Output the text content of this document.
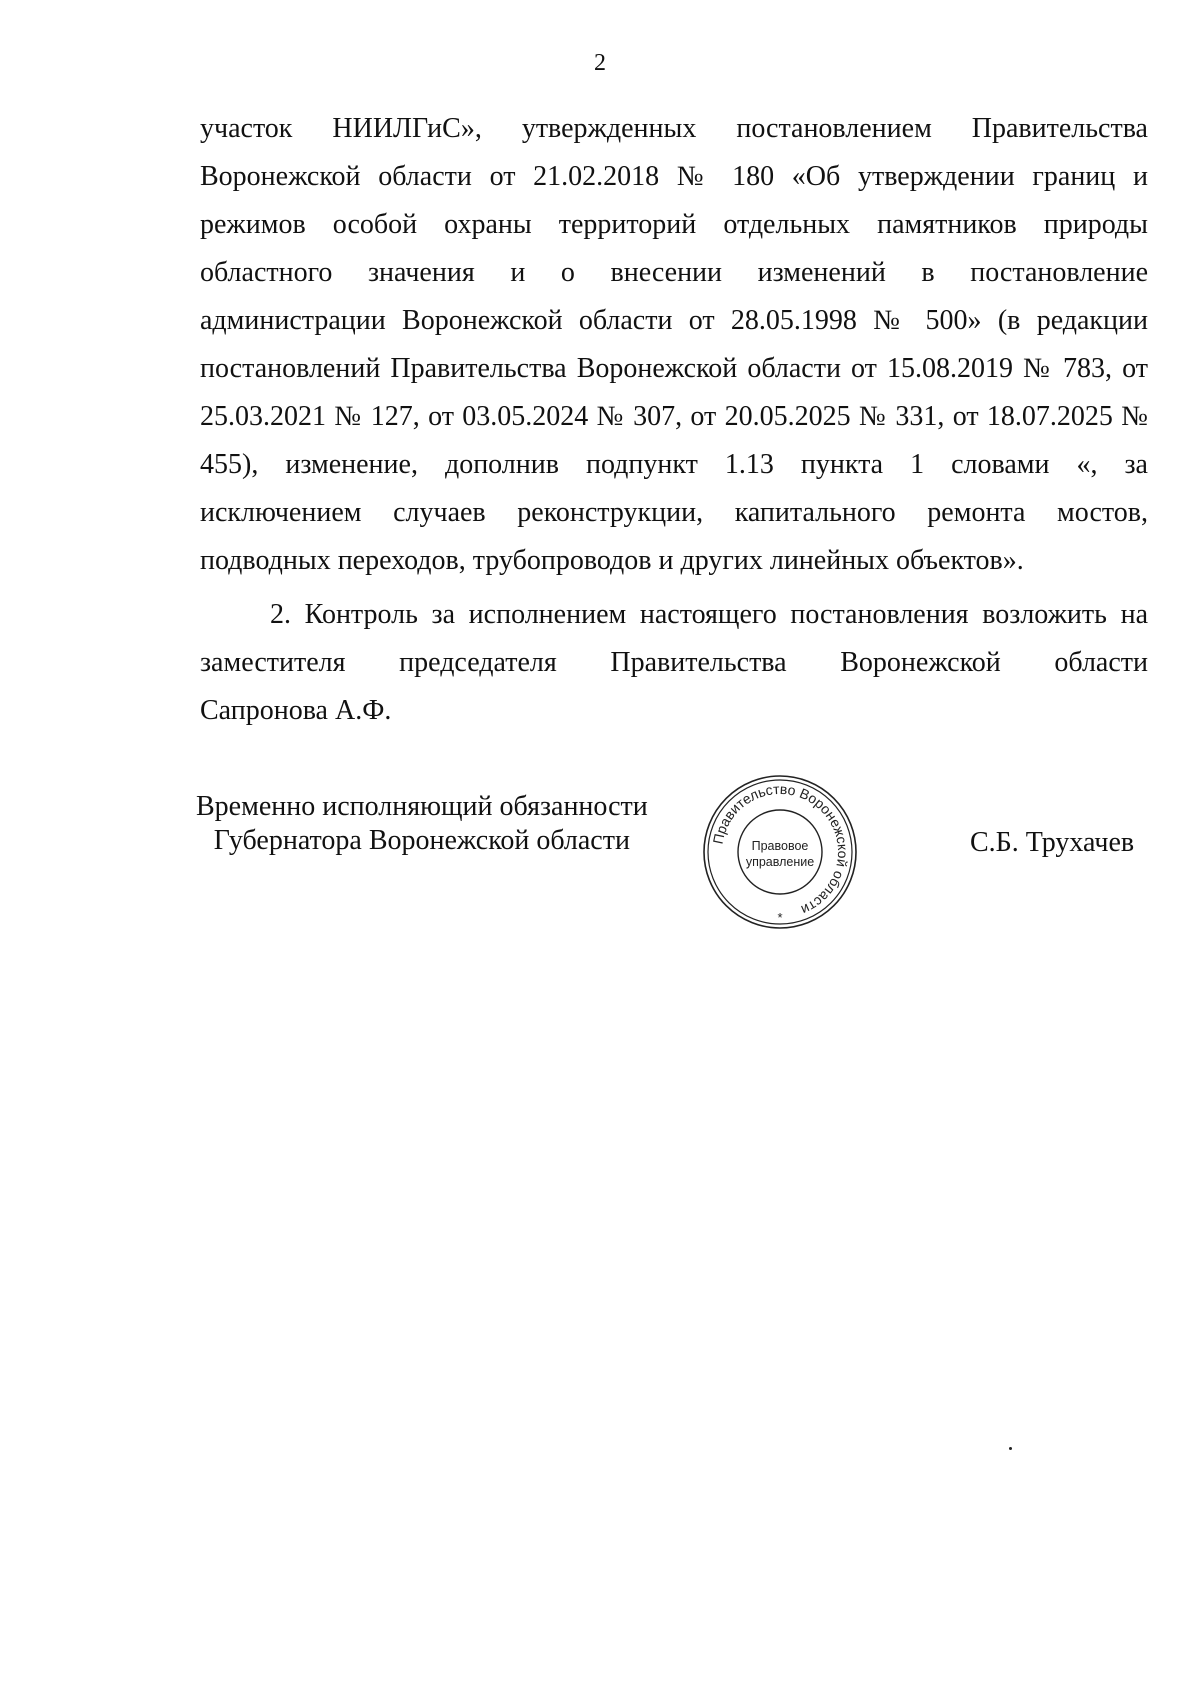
2
участок НИИЛГиС», утвержденных постановлением Правительства
Воронежской области от 21.02.2018 № 180 «Об утверждении границ и
режимов особой охраны территорий отдельных памятников природы
областного значения и о внесении изменений в постановление
администрации Воронежской области от 28.05.1998 № 500» (в редакции
постановлений Правительства Воронежской области от 15.08.2019 № 783, от
25.03.2021 № 127, от 03.05.2024 № 307, от 20.05.2025 № 331, от 18.07.2025 №
455), изменение, дополнив подпункт 1.13 пункта 1 словами «, за
исключением случаев реконструкции, капитального ремонта мостов,
подводных переходов, трубопроводов и других линейных объектов».
2. Контроль за исполнением настоящего постановления возложить на
заместителя председателя Правительства Воронежской области
Сапронова А.Ф.
Временно исполняющий обязанности
Губернатора Воронежской области	Правительство Воронежской области
Правовое
управление
*
С.Б. Трухачев
